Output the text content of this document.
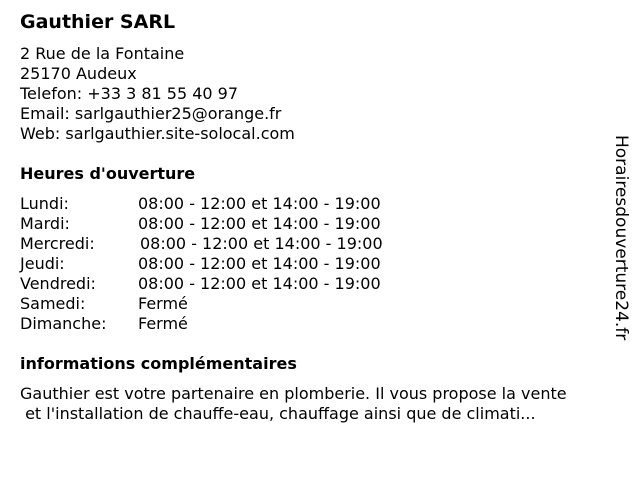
Gauthier SARL
2 Rue de la Fontaine
25170 Audeux
Telefon: +33 3 81 55 40 97
Email: sarlgauthier25@orange.fr
Web: sarlgauthier.site-solocal.com
Heures d'ouverture
Lundi:	08:00 - 12:00 et 14:00 - 19:00
Mardi:	08:00 - 12:00 et 14:00 - 19:00
Mercredi:	08:00 - 12:00 et 14:00 - 19:00
Jeudi:	08:00 - 12:00 et 14:00 - 19:00
Vendredi:	08:00 - 12:00 et 14:00 - 19:00
Samedi:	Fermé
Dimanche: Fermé
informations complémentaires
Gauthier est votre partenaire en plomberie. Il vous propose la vente
et l'installation de chauffe-eau, chauffage ainsi que de climati...
Horairesdouverture24.fr
